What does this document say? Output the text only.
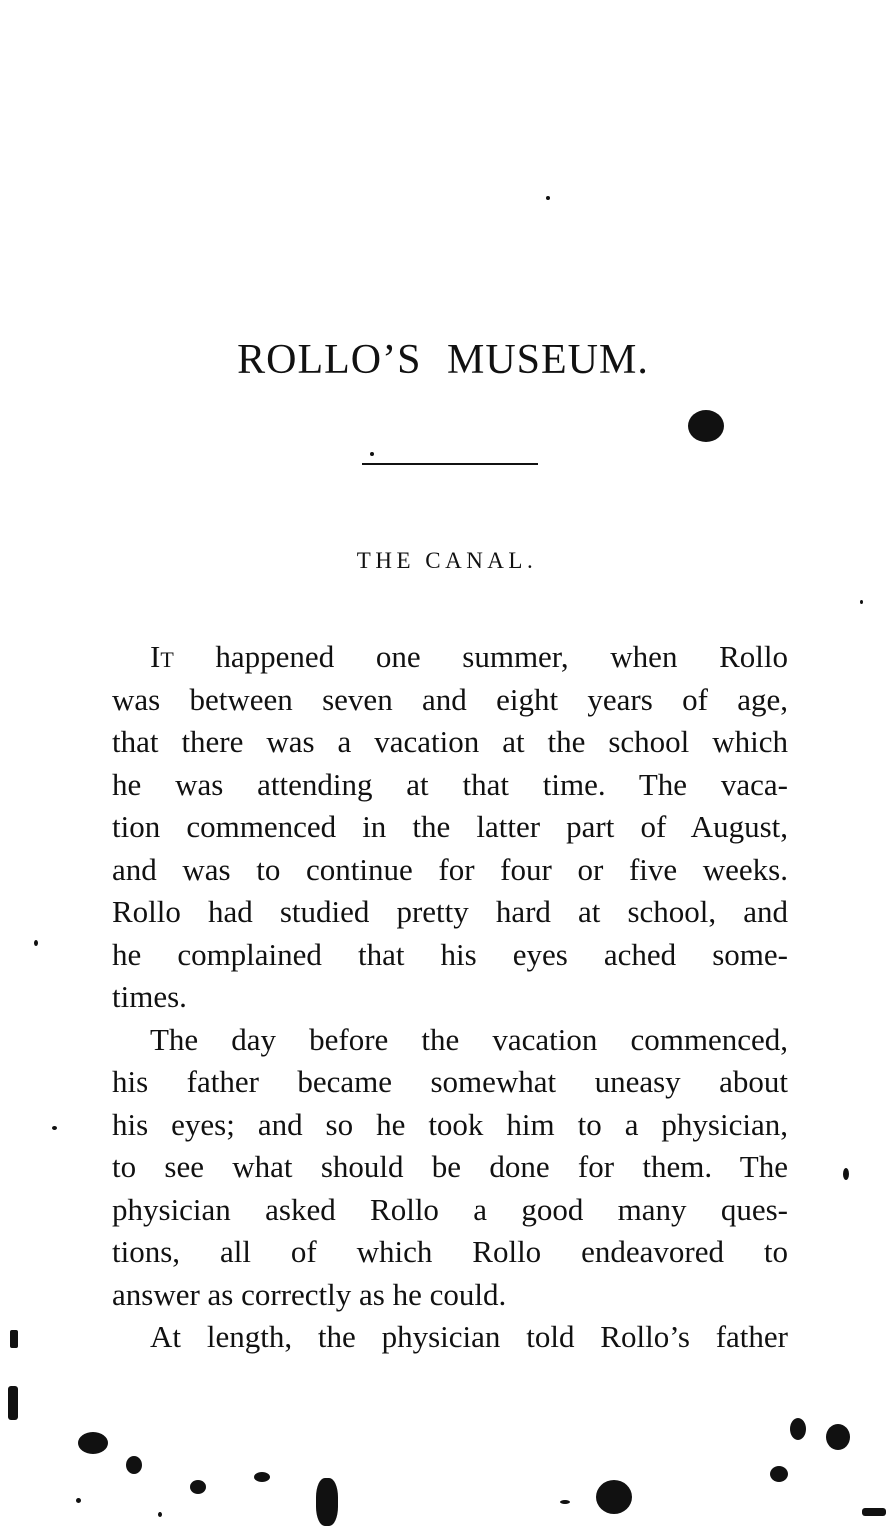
ROLLO’S MUSEUM.
THE CANAL.
It happened one summer, when Rollo
was between seven and eight years of age,
that there was a vacation at the school which
he was attending at that time. The vaca-
tion commenced in the latter part of August,
and was to continue for four or five weeks.
Rollo had studied pretty hard at school, and
he complained that his eyes ached some-
times.
The day before the vacation commenced,
his father became somewhat uneasy about
his eyes; and so he took him to a physician,
to see what should be done for them. The
physician asked Rollo a good many ques-
tions, all of which Rollo endeavored to
answer as correctly as he could.
At length, the physician told Rollo’s father
